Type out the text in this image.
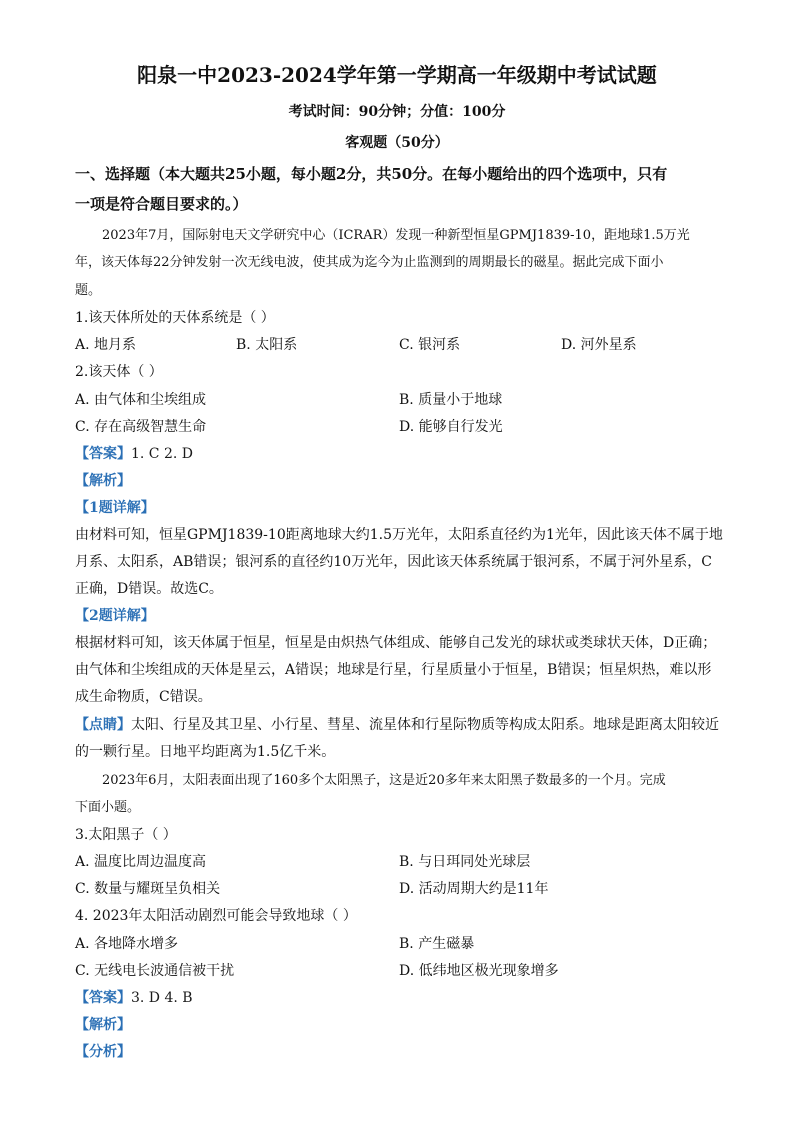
阳泉一中2023-2024学年第一学期高一年级期中考试试题
考试时间：90分钟；分值：100分
客观题（50分）
一、选择题（本大题共25小题，每小题2分，共50分。在每小题给出的四个选项中，只有
一项是符合题目要求的。）
2023年7月，国际射电天文学研究中心（ICRAR）发现一种新型恒星GPMJ1839-10，距地球1.5万光
年，该天体每22分钟发射一次无线电波，使其成为迄今为止监测到的周期最长的磁星。据此完成下面小
题。
1.该天体所处的天体系统是（ ）
A. 地月系	B. 太阳系	C. 银河系	D. 河外星系
2.该天体（ ）
A. 由气体和尘埃组成	B. 质量小于地球
C. 存在高级智慧生命	D. 能够自行发光
【答案】1. C 2. D
【解析】
【1题详解】
由材料可知，恒星GPMJ1839-10距离地球大约1.5万光年，太阳系直径约为1光年，因此该天体不属于地
月系、太阳系，AB错误；银河系的直径约10万光年，因此该天体系统属于银河系，不属于河外星系，C
正确，D错误。故选C。
【2题详解】
根据材料可知，该天体属于恒星，恒星是由炽热气体组成、能够自己发光的球状或类球状天体，D正确；
由气体和尘埃组成的天体是星云，A错误；地球是行星，行星质量小于恒星，B错误；恒星炽热，难以形
成生命物质，C错误。
【点睛】太阳、行星及其卫星、小行星、彗星、流星体和行星际物质等构成太阳系。地球是距离太阳较近
的一颗行星。日地平均距离为1.5亿千米。
2023年6月，太阳表面出现了160多个太阳黑子，这是近20多年来太阳黑子数最多的一个月。完成
下面小题。
3.太阳黑子（ ）
A. 温度比周边温度高	B. 与日珥同处光球层
C. 数量与耀斑呈负相关	D. 活动周期大约是11年
4. 2023年太阳活动剧烈可能会导致地球（ ）
A. 各地降水增多	B. 产生磁暴
C. 无线电长波通信被干扰	D. 低纬地区极光现象增多
【答案】3. D 4. B
【解析】
【分析】
